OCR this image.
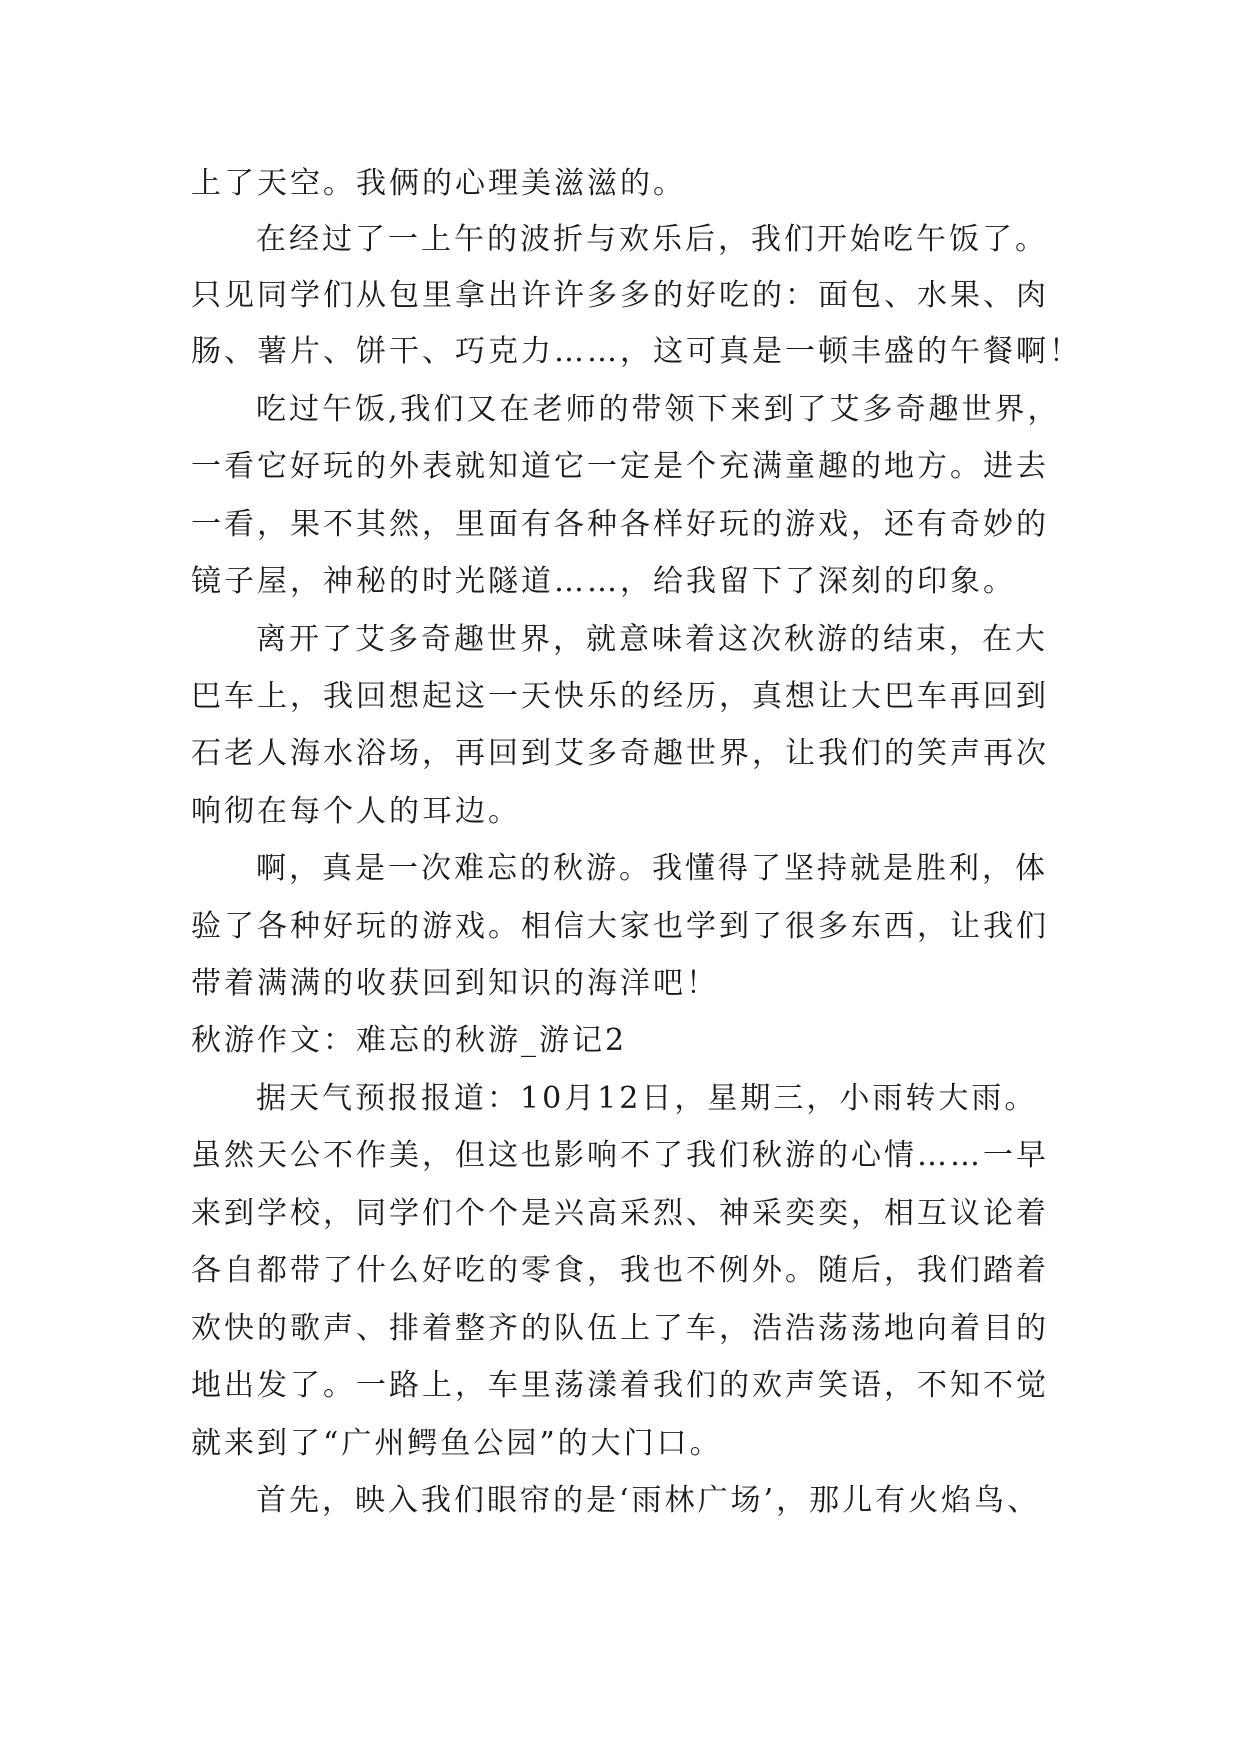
上了天空。我俩的心理美滋滋的。
在经过了一上午的波折与欢乐后，我们开始吃午饭了。
只见同学们从包里拿出许许多多的好吃的：面包、水果、肉
肠、薯片、饼干、巧克力……，这可真是一顿丰盛的午餐啊！
吃过午饭,我们又在老师的带领下来到了艾多奇趣世界，
一看它好玩的外表就知道它一定是个充满童趣的地方。进去
一看，果不其然，里面有各种各样好玩的游戏，还有奇妙的
镜子屋，神秘的时光隧道……，给我留下了深刻的印象。
离开了艾多奇趣世界，就意味着这次秋游的结束，在大
巴车上，我回想起这一天快乐的经历，真想让大巴车再回到
石老人海水浴场，再回到艾多奇趣世界，让我们的笑声再次
响彻在每个人的耳边。
啊，真是一次难忘的秋游。我懂得了坚持就是胜利，体
验了各种好玩的游戏。相信大家也学到了很多东西，让我们
带着满满的收获回到知识的海洋吧！
秋游作文：难忘的秋游_游记2
据天气预报报道：10月12日，星期三，小雨转大雨。
虽然天公不作美，但这也影响不了我们秋游的心情……一早
来到学校，同学们个个是兴高采烈、神采奕奕，相互议论着
各自都带了什么好吃的零食，我也不例外。随后，我们踏着
欢快的歌声、排着整齐的队伍上了车，浩浩荡荡地向着目的
地出发了。一路上，车里荡漾着我们的欢声笑语，不知不觉
就来到了“广州鳄鱼公园”的大门口。
首先，映入我们眼帘的是‘雨林广场’，那儿有火焰鸟、
